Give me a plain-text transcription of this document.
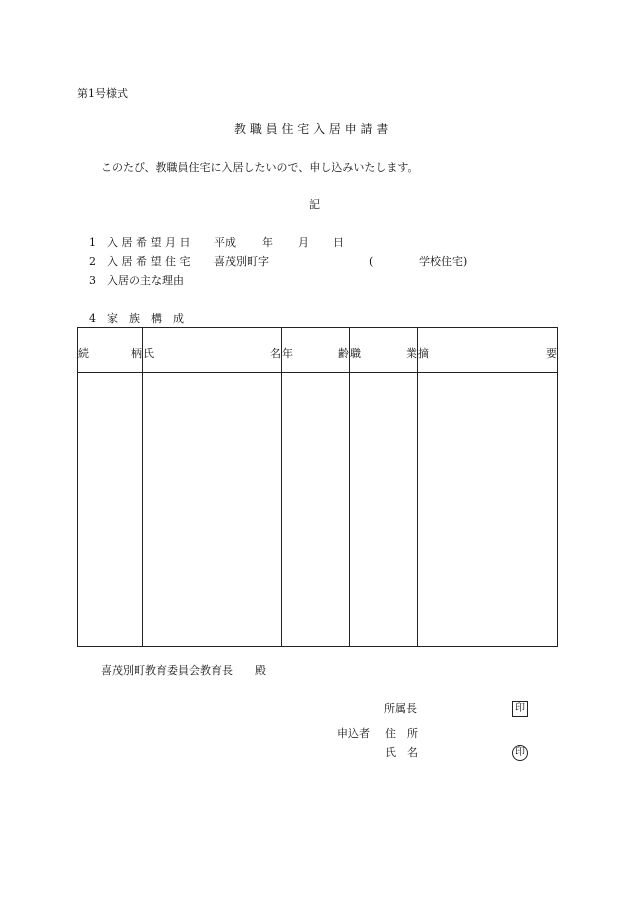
第1号様式
教 職 員 住 宅 入 居 申 請 書
このたび、教職員住宅に入居したいので、申し込みいたします。
記
1 入 居 希 望 月 日 平成 年 月 日
2 入 居 希 望 住 宅 喜茂別町字	(	学校住宅)
3 入居の主な理由
4 家　族　構　成
続 柄	氏 名	年 齢	職 業	摘 要

喜茂別町教育委員会教育長　　殿
所属長	印
申込者 住　所
氏　名	印
